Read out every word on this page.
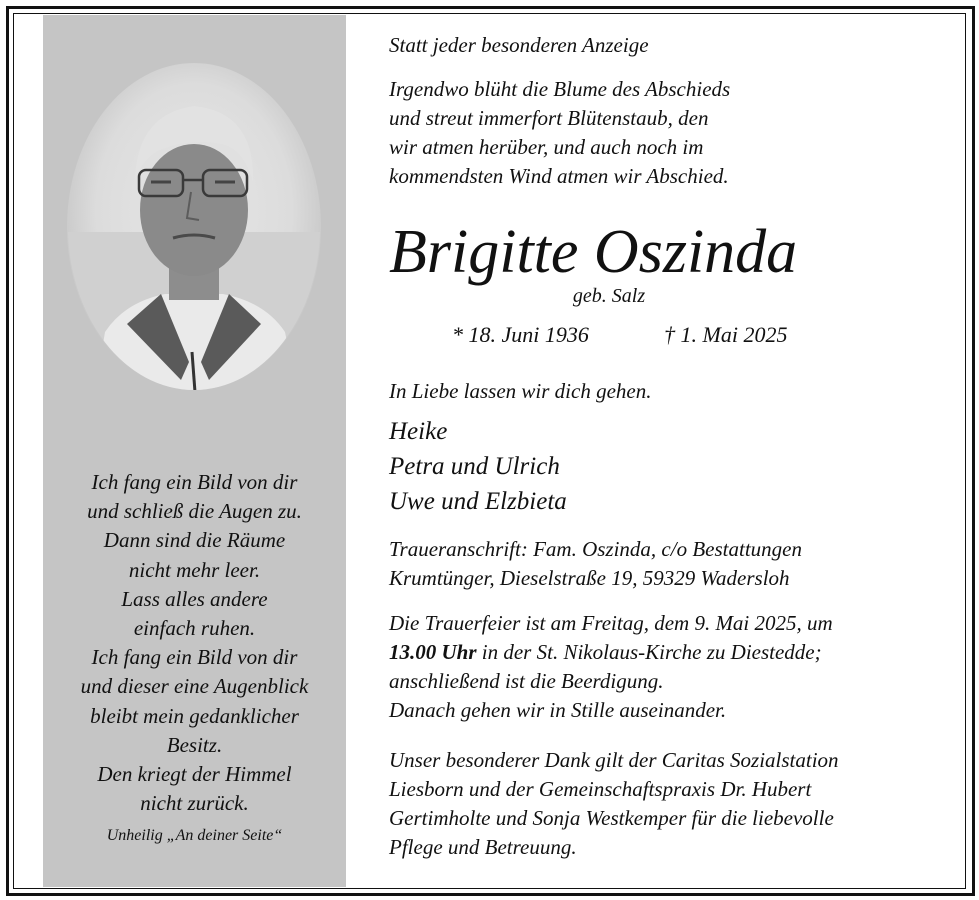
Ich fang ein Bild von dir
und schließ die Augen zu.
Dann sind die Räume
nicht mehr leer.
Lass alles andere
einfach ruhen.
Ich fang ein Bild von dir
und dieser eine Augenblick
bleibt mein gedanklicher
Besitz.
Den kriegt der Himmel
nicht zurück.
Unheilig „An deiner Seite“
Statt jeder besonderen Anzeige
Irgendwo blüht die Blume des Abschieds
und streut immerfort Blütenstaub, den
wir atmen herüber, und auch noch im
kommendsten Wind atmen wir Abschied.
Brigitte Oszinda
geb. Salz
* 18. Juni 1936	† 1. Mai 2025
In Liebe lassen wir dich gehen.
Heike
Petra und Ulrich
Uwe und Elzbieta
Traueranschrift: Fam. Oszinda, c/o Bestattungen
Krumtünger, Dieselstraße 19, 59329 Wadersloh
Die Trauerfeier ist am Freitag, dem 9. Mai 2025, um
13.00 Uhr in der St. Nikolaus-Kirche zu Diestedde;
anschließend ist die Beerdigung.
Danach gehen wir in Stille auseinander.
Unser besonderer Dank gilt der Caritas Sozialstation
Liesborn und der Gemeinschaftspraxis Dr. Hubert
Gertimholte und Sonja Westkemper für die liebevolle
Pflege und Betreuung.
